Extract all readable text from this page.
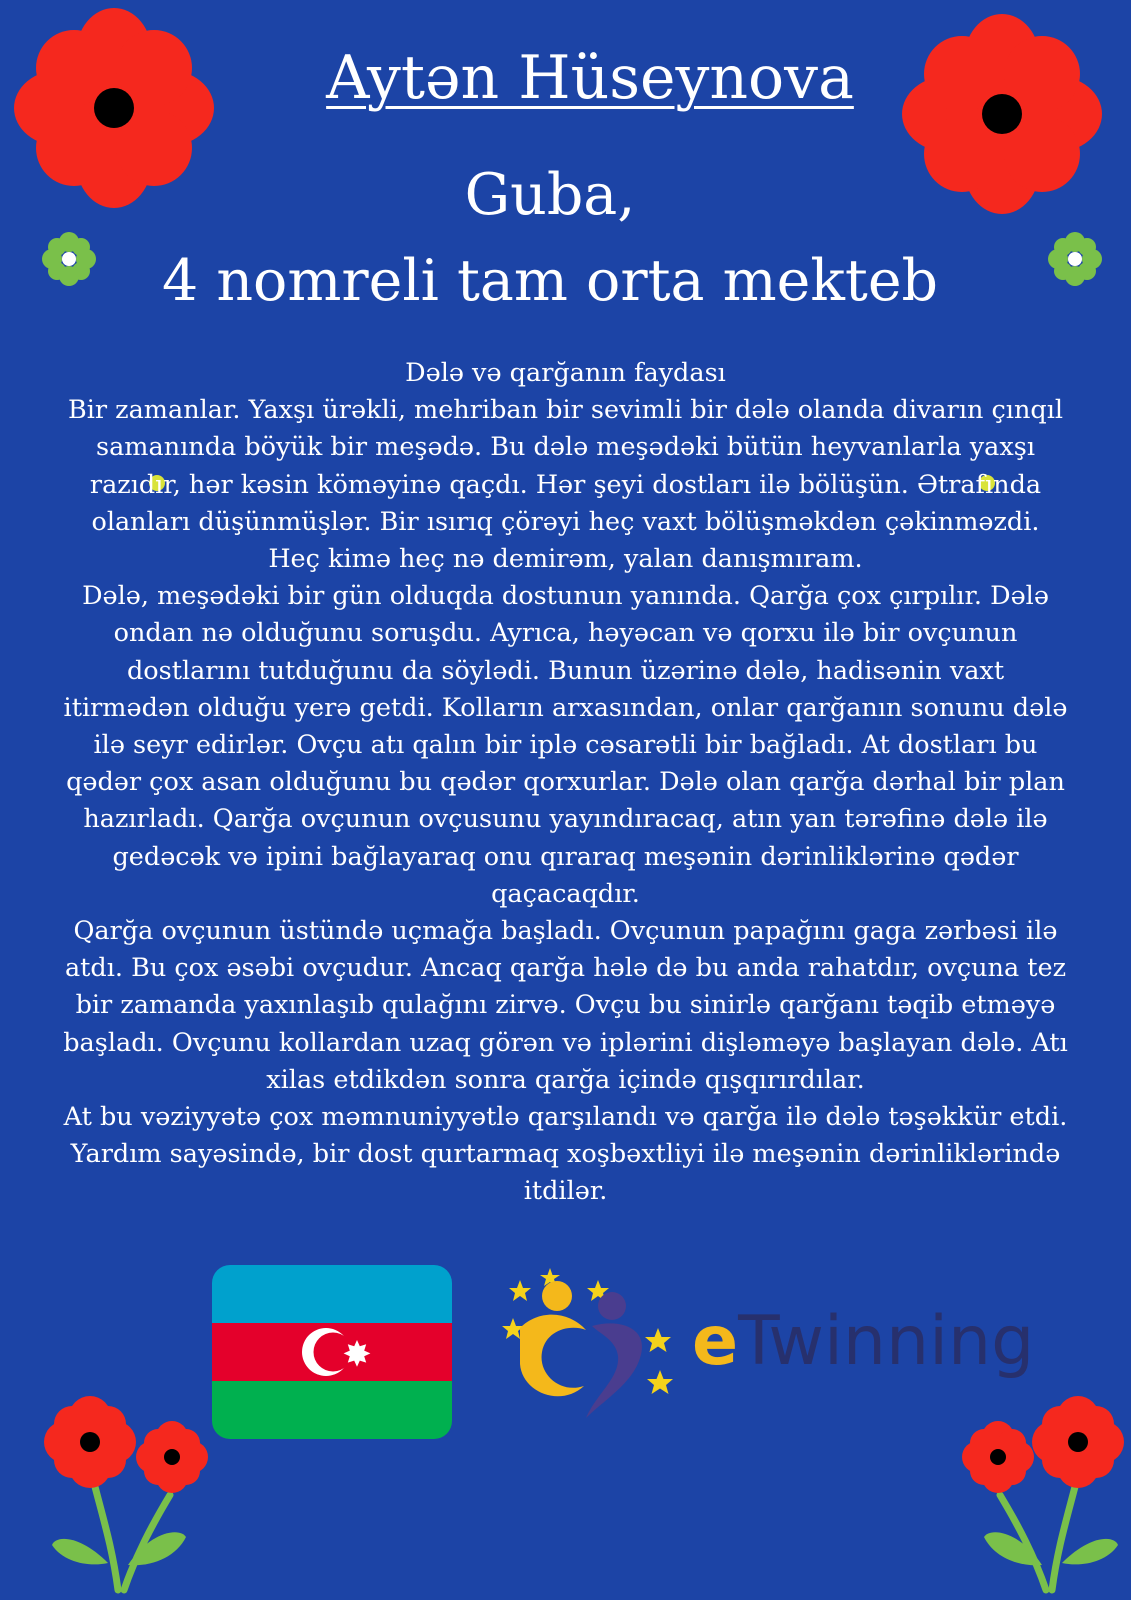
Aytən Hüseynova
Guba,
4 nomreli tam orta mekteb
Dələ və qarğanın faydası
Bir zamanlar. Yaxşı ürəkli, mehriban bir sevimli bir dələ olanda divarın çınqıl
samanında böyük bir meşədə. Bu dələ meşədəki bütün heyvanlarla yaxşı
razıdır, hər kəsin köməyinə qaçdı. Hər şeyi dostları ilə bölüşün. Ətrafında
olanları düşünmüşlər. Bir ısırıq çörəyi heç vaxt bölüşməkdən çəkinməzdi.
Heç kimə heç nə demirəm, yalan danışmıram.
Dələ, meşədəki bir gün olduqda dostunun yanında. Qarğa çox çırpılır. Dələ
ondan nə olduğunu soruşdu. Ayrıca, həyəcan və qorxu ilə bir ovçunun
dostlarını tutduğunu da söylədi. Bunun üzərinə dələ, hadisənin vaxt
itirmədən olduğu yerə getdi. Kolların arxasından, onlar qarğanın sonunu dələ
ilə seyr edirlər. Ovçu atı qalın bir iplə cəsarətli bir bağladı. At dostları bu
qədər çox asan olduğunu bu qədər qorxurlar. Dələ olan qarğa dərhal bir plan
hazırladı. Qarğa ovçunun ovçusunu yayındıracaq, atın yan tərəfinə dələ ilə
gedəcək və ipini bağlayaraq onu qıraraq meşənin dərinliklərinə qədər
qaçacaqdır.
Qarğa ovçunun üstündə uçmağa başladı. Ovçunun papağını gaga zərbəsi ilə
atdı. Bu çox əsəbi ovçudur. Ancaq qarğa hələ də bu anda rahatdır, ovçuna tez
bir zamanda yaxınlaşıb qulağını zirvə. Ovçu bu sinirlə qarğanı təqib etməyə
başladı. Ovçunu kollardan uzaq görən və iplərini dişləməyə başlayan dələ. Atı
xilas etdikdən sonra qarğa içində qışqırırdılar.
At bu vəziyyətə çox məmnuniyyətlə qarşılandı və qarğa ilə dələ təşəkkür etdi.
Yardım sayəsində, bir dost qurtarmaq xoşbəxtliyi ilə meşənin dərinliklərində
itdilər.
eTwinning
